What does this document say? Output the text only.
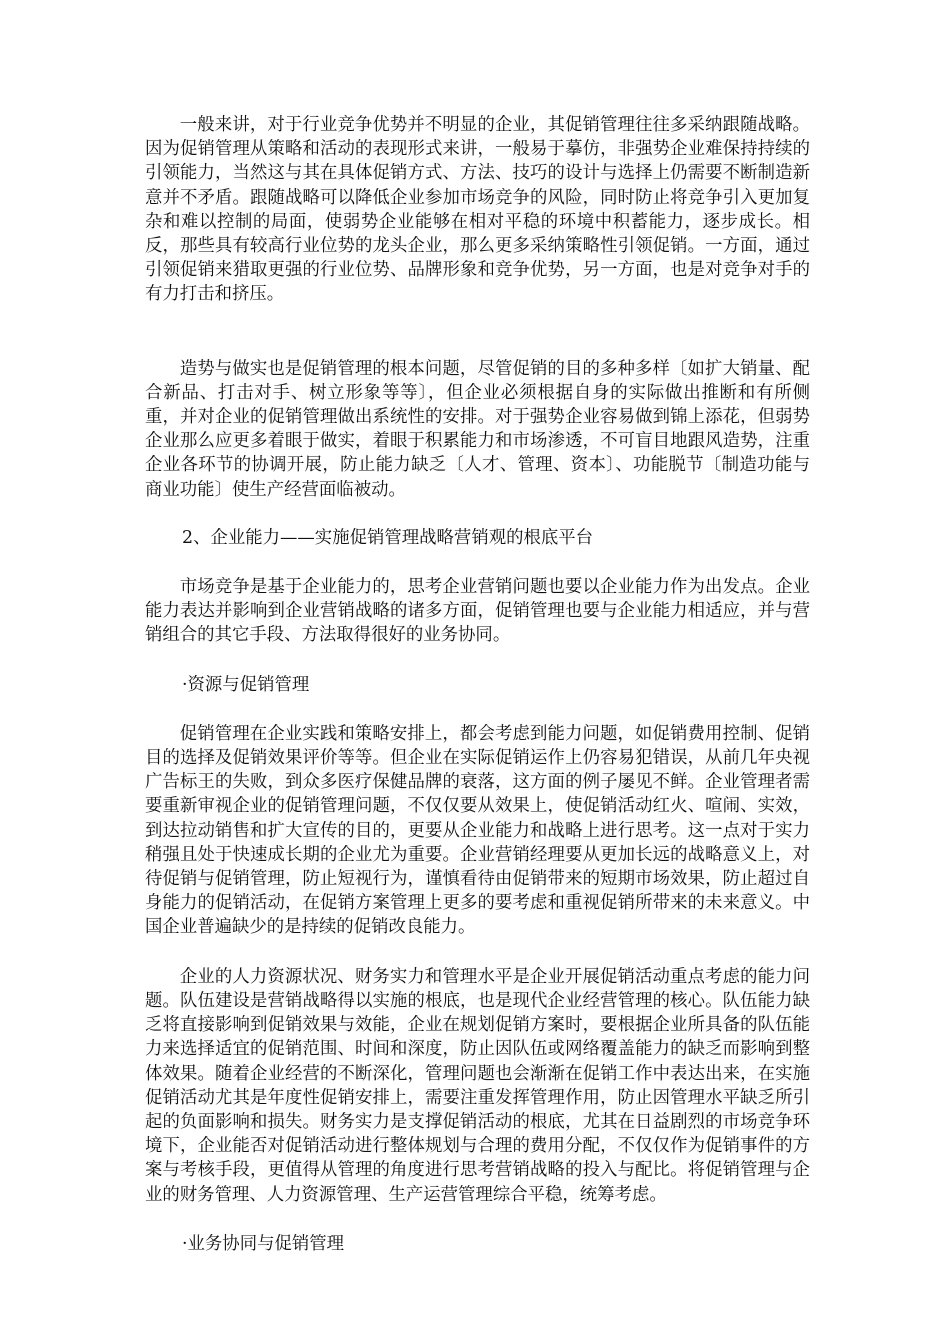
一般来讲，对于行业竞争优势并不明显的企业，其促销管理往往多采纳跟随战略。因为促销管理从策略和活动的表现形式来讲，一般易于摹仿，非强势企业难保持持续的引领能力，当然这与其在具体促销方式、方法、技巧的设计与选择上仍需要不断制造新意并不矛盾。跟随战略可以降低企业参加市场竞争的风险，同时防止将竞争引入更加复杂和难以控制的局面，使弱势企业能够在相对平稳的环境中积蓄能力，逐步成长。相反，那些具有较高行业位势的龙头企业，那么更多采纳策略性引领促销。一方面，通过引领促销来猎取更强的行业位势、品牌形象和竞争优势，另一方面，也是对竞争对手的有力打击和挤压。

造势与做实也是促销管理的根本问题，尽管促销的目的多种多样〔如扩大销量、配合新品、打击对手、树立形象等等〕，但企业必须根据自身的实际做出推断和有所侧重，并对企业的促销管理做出系统性的安排。对于强势企业容易做到锦上添花，但弱势企业那么应更多着眼于做实，着眼于积累能力和市场渗透，不可盲目地跟风造势，注重企业各环节的协调开展，防止能力缺乏〔人才、管理、资本〕、功能脱节〔制造功能与商业功能〕使生产经营面临被动。

2、企业能力——实施促销管理战略营销观的根底平台

市场竞争是基于企业能力的，思考企业营销问题也要以企业能力作为出发点。企业能力表达并影响到企业营销战略的诸多方面，促销管理也要与企业能力相适应，并与营销组合的其它手段、方法取得很好的业务协同。

·资源与促销管理

促销管理在企业实践和策略安排上，都会考虑到能力问题，如促销费用控制、促销目的选择及促销效果评价等等。但企业在实际促销运作上仍容易犯错误，从前几年央视广告标王的失败，到众多医疗保健品牌的衰落，这方面的例子屡见不鲜。企业管理者需要重新审视企业的促销管理问题，不仅仅要从效果上，使促销活动红火、喧闹、实效，到达拉动销售和扩大宣传的目的，更要从企业能力和战略上进行思考。这一点对于实力稍强且处于快速成长期的企业尤为重要。企业营销经理要从更加长远的战略意义上，对待促销与促销管理，防止短视行为，谨慎看待由促销带来的短期市场效果，防止超过自身能力的促销活动，在促销方案管理上更多的要考虑和重视促销所带来的未来意义。中国企业普遍缺少的是持续的促销改良能力。

企业的人力资源状况、财务实力和管理水平是企业开展促销活动重点考虑的能力问题。队伍建设是营销战略得以实施的根底，也是现代企业经营管理的核心。队伍能力缺乏将直接影响到促销效果与效能，企业在规划促销方案时，要根据企业所具备的队伍能力来选择适宜的促销范围、时间和深度，防止因队伍或网络覆盖能力的缺乏而影响到整体效果。随着企业经营的不断深化，管理问题也会渐渐在促销工作中表达出来，在实施促销活动尤其是年度性促销安排上，需要注重发挥管理作用，防止因管理水平缺乏所引起的负面影响和损失。财务实力是支撑促销活动的根底，尤其在日益剧烈的市场竞争环境下，企业能否对促销活动进行整体规划与合理的费用分配，不仅仅作为促销事件的方案与考核手段，更值得从管理的角度进行思考营销战略的投入与配比。将促销管理与企业的财务管理、人力资源管理、生产运营管理综合平稳，统筹考虑。

·业务协同与促销管理
